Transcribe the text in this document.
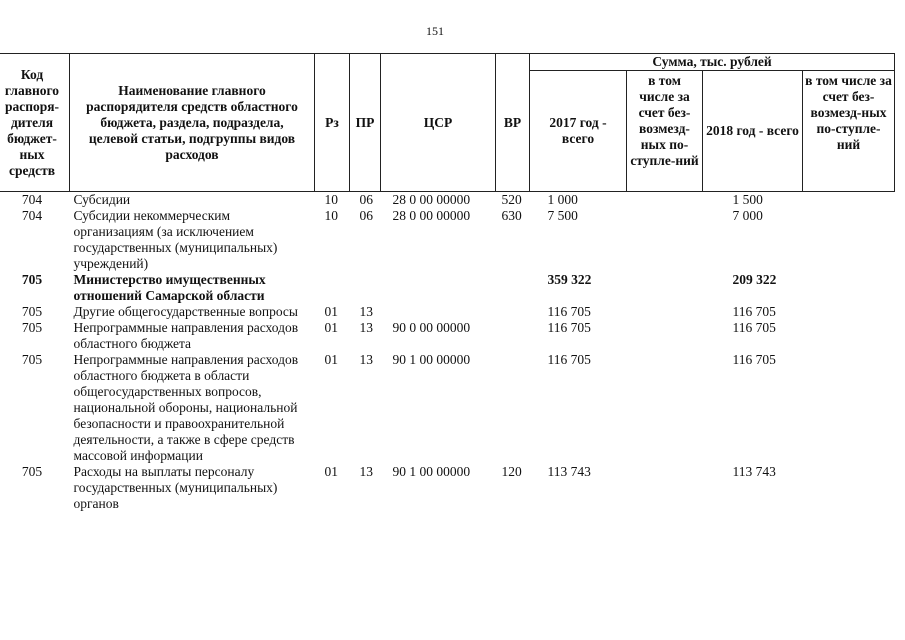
151
Код главного распоря-дителя бюджет-ных средств	Наименование главного распорядителя средств областного бюджета, раздела, подраздела, целевой статьи, подгруппы видов расходов	Рз	ПР	ЦСР	ВР	Сумма, тыс. рублей			
						2017 год - всего	в том числе за счет без-возмезд-ных по-ступле-ний	2018 год - всего	в том числе за счет без-возмезд-ных по-ступле-ний
704	Субсидии	10	06	28 0 00 00000	520	1 000		1 500	
704	Субсидии некоммерческим организациям (за исключением государственных (муниципальных) учреждений)	10	06	28 0 00 00000	630	7 500		7 000	
705	Министерство имущественных отношений Самарской области					359 322		209 322	
705	Другие общегосударственные вопросы	01	13			116 705		116 705	
705	Непрограммные направления расходов областного бюджета	01	13	90 0 00 00000		116 705		116 705	
705	Непрограммные направления расходов областного бюджета в области общегосударственных вопросов, национальной обороны, национальной безопасности и правоохранительной деятельности, а также в сфере средств массовой информации	01	13	90 1 00 00000		116 705		116 705	
705	Расходы на выплаты персоналу государственных (муниципальных) органов	01	13	90 1 00 00000	120	113 743		113 743	
